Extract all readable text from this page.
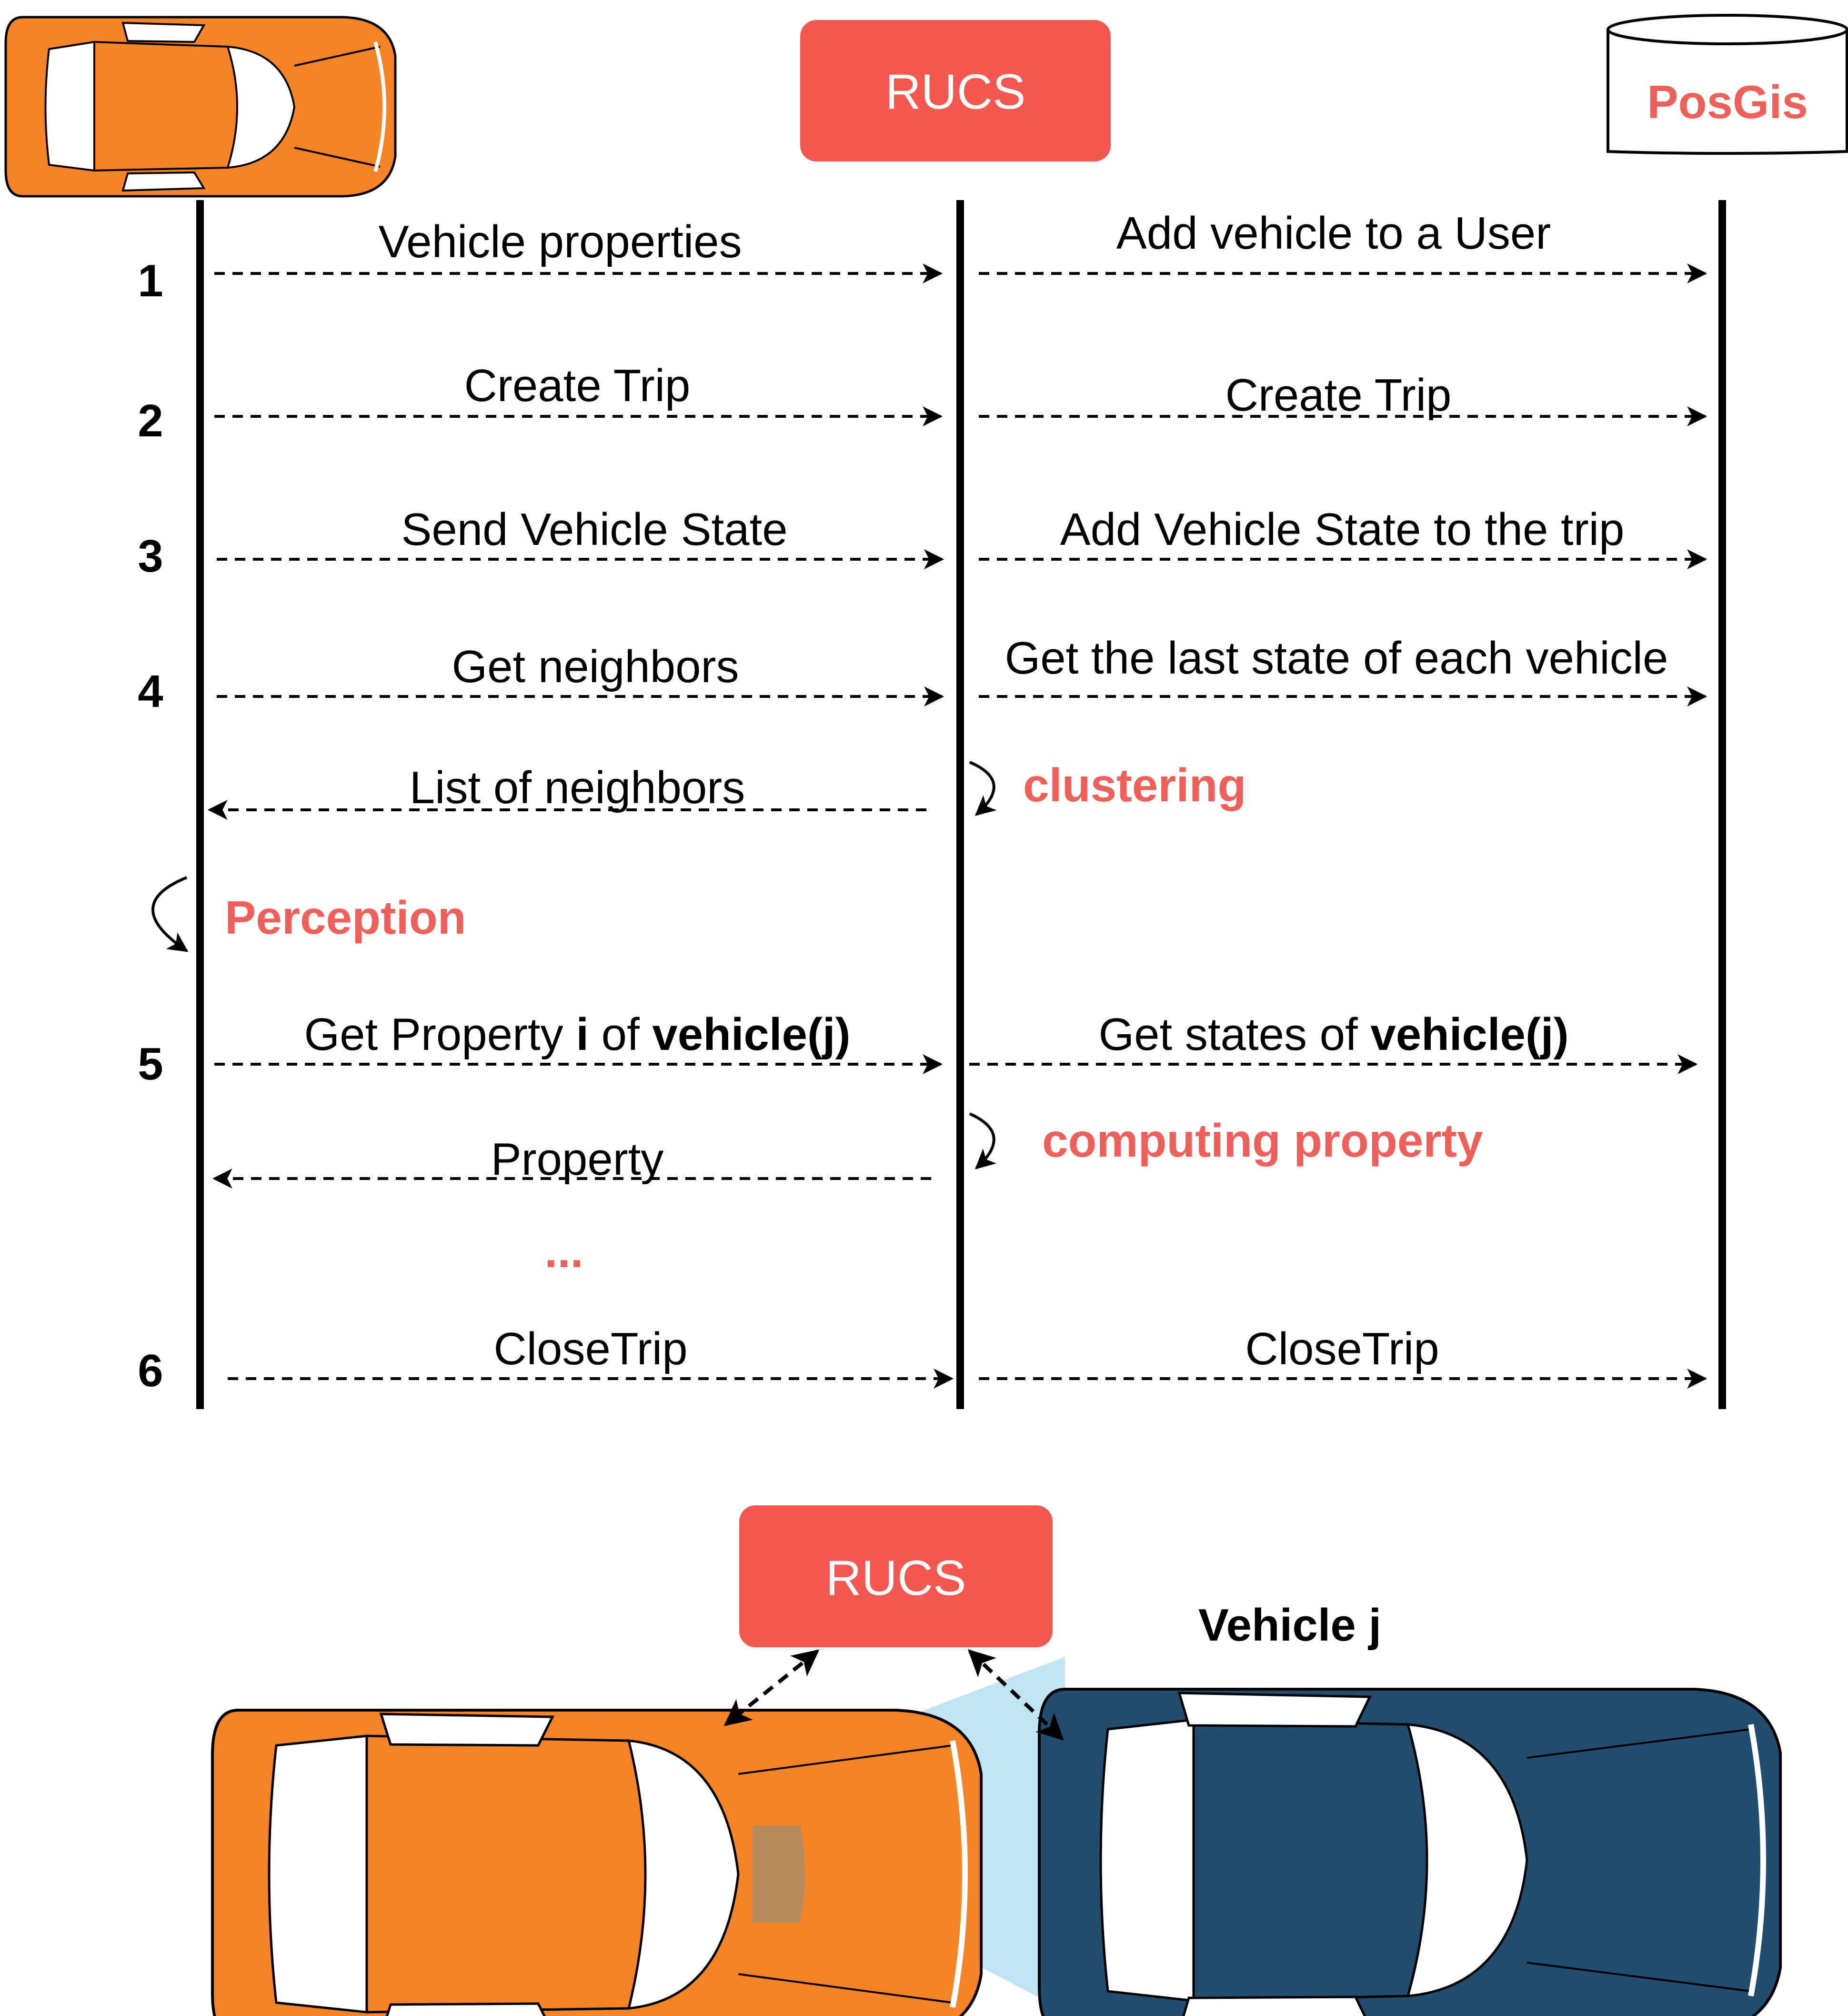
RUCS	PosGis
1
2
3
4
5
6
Vehicle properties	Add vehicle to a User
Create Trip	Create Trip
Send Vehicle State	Add Vehicle State to the trip
Get neighbors	Get the last state of each vehicle
List of neighbors
Get Property i of vehicle(j)	Get states of vehicle(j)
Property
CloseTrip	CloseTrip
clustering
Perception
computing property
...
RUCS
Vehicle j
